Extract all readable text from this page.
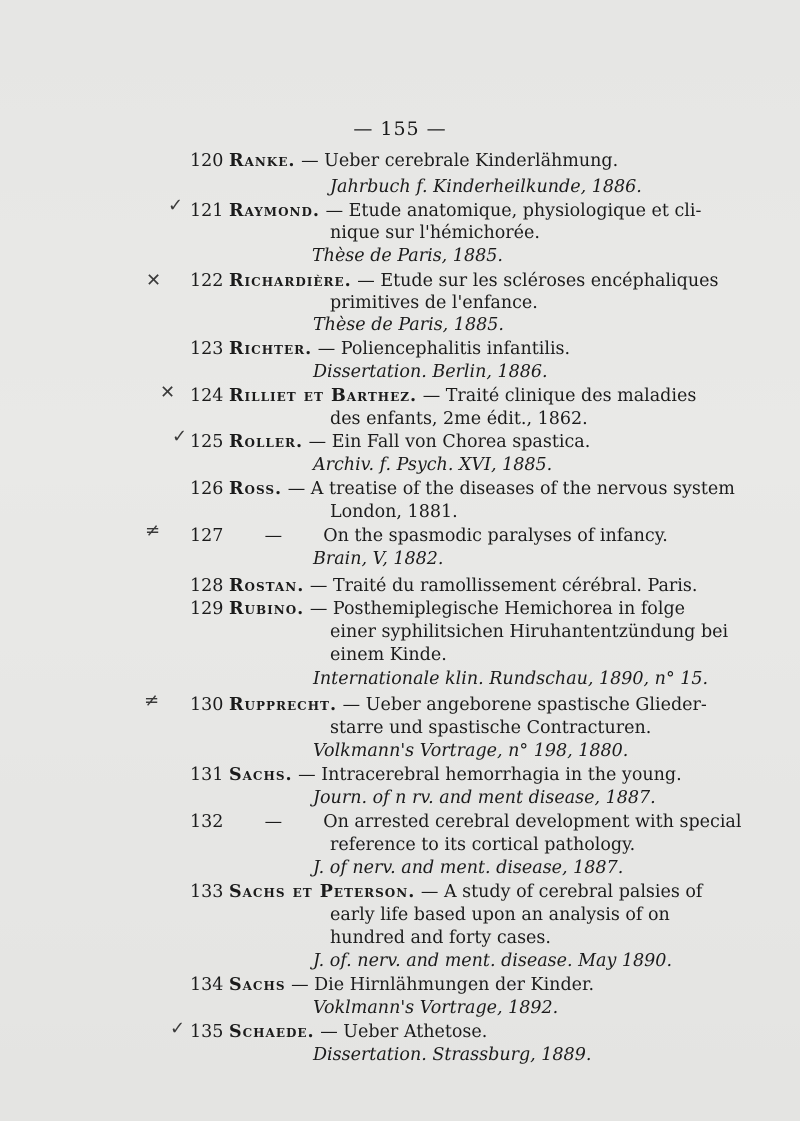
— 155 —
120 Ranke. — Ueber cerebrale Kinderlähmung.
Jahrbuch f. Kinderheilkunde, 1886.
✓ 121 Raymond. — Etude anatomique, physiologique et cli-
nique sur l'hémichorée.
Thèse de Paris, 1885.
✕ 122 Richardière. — Etude sur les scléroses encéphaliques
primitives de l'enfance.
Thèse de Paris, 1885.
123 Richter. — Poliencephalitis infantilis.
Dissertation. Berlin, 1886.
✕ 124 Rilliet et Barthez. — Traité clinique des maladies
des enfants, 2me édit., 1862.
✓ 125 Roller. — Ein Fall von Chorea spastica.
Archiv. f. Psych. XVI, 1885.
126 Ross. — A treatise of the diseases of the nervous system
London, 1881.
≠ 127 — On the spasmodic paralyses of infancy.
Brain, V, 1882.
128 Rostan. — Traité du ramollissement cérébral. Paris.
129 Rubino. — Posthemiplegische Hemichorea in folge
einer syphilitsichen Hiruhantentzündung bei
einem Kinde.
Internationale klin. Rundschau, 1890, n° 15.
≠ 130 Rupprecht. — Ueber angeborene spastische Glieder-
starre und spastische Contracturen.
Volkmann's Vortrage, n° 198, 1880.
131 Sachs. — Intracerebral hemorrhagia in the young.
Journ. of n rv. and ment disease, 1887.
132 — On arrested cerebral development with special
reference to its cortical pathology.
J. of nerv. and ment. disease, 1887.
133 Sachs et Peterson. — A study of cerebral palsies of
early life based upon an analysis of on
hundred and forty cases.
J. of. nerv. and ment. disease. May 1890.
134 Sachs — Die Hirnlähmungen der Kinder.
Voklmann's Vortrage, 1892.
✓ 135 Schaede. — Ueber Athetose.
Dissertation. Strassburg, 1889.
